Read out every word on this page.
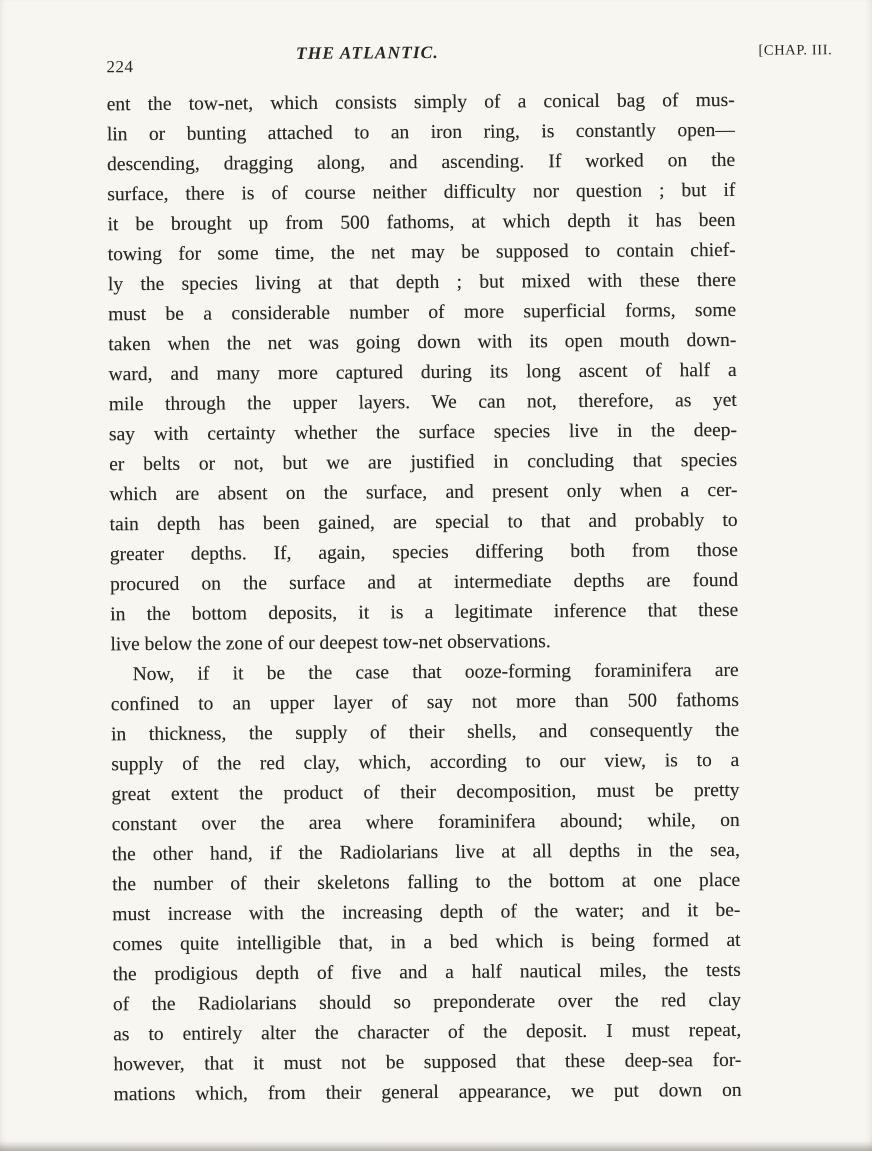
224
THE ATLANTIC.	[CHAP. III.
ent the tow-net, which consists simply of a conical bag of mus-
lin or bunting attached to an iron ring, is constantly open—
descending, dragging along, and ascending. If worked on the
surface, there is of course neither difficulty nor question ; but if
it be brought up from 500 fathoms, at which depth it has been
towing for some time, the net may be supposed to contain chief-
ly the species living at that depth ; but mixed with these there
must be a considerable number of more superficial forms, some
taken when the net was going down with its open mouth down-
ward, and many more captured during its long ascent of half a
mile through the upper layers. We can not, therefore, as yet
say with certainty whether the surface species live in the deep-
er belts or not, but we are justified in concluding that species
which are absent on the surface, and present only when a cer-
tain depth has been gained, are special to that and probably to
greater depths. If, again, species differing both from those
procured on the surface and at intermediate depths are found
in the bottom deposits, it is a legitimate inference that these
live below the zone of our deepest tow-net observations.
Now, if it be the case that ooze-forming foraminifera are
confined to an upper layer of say not more than 500 fathoms
in thickness, the supply of their shells, and consequently the
supply of the red clay, which, according to our view, is to a
great extent the product of their decomposition, must be pretty
constant over the area where foraminifera abound; while, on
the other hand, if the Radiolarians live at all depths in the sea,
the number of their skeletons falling to the bottom at one place
must increase with the increasing depth of the water; and it be-
comes quite intelligible that, in a bed which is being formed at
the prodigious depth of five and a half nautical miles, the tests
of the Radiolarians should so preponderate over the red clay
as to entirely alter the character of the deposit. I must repeat,
however, that it must not be supposed that these deep-sea for-
mations which, from their general appearance, we put down on
